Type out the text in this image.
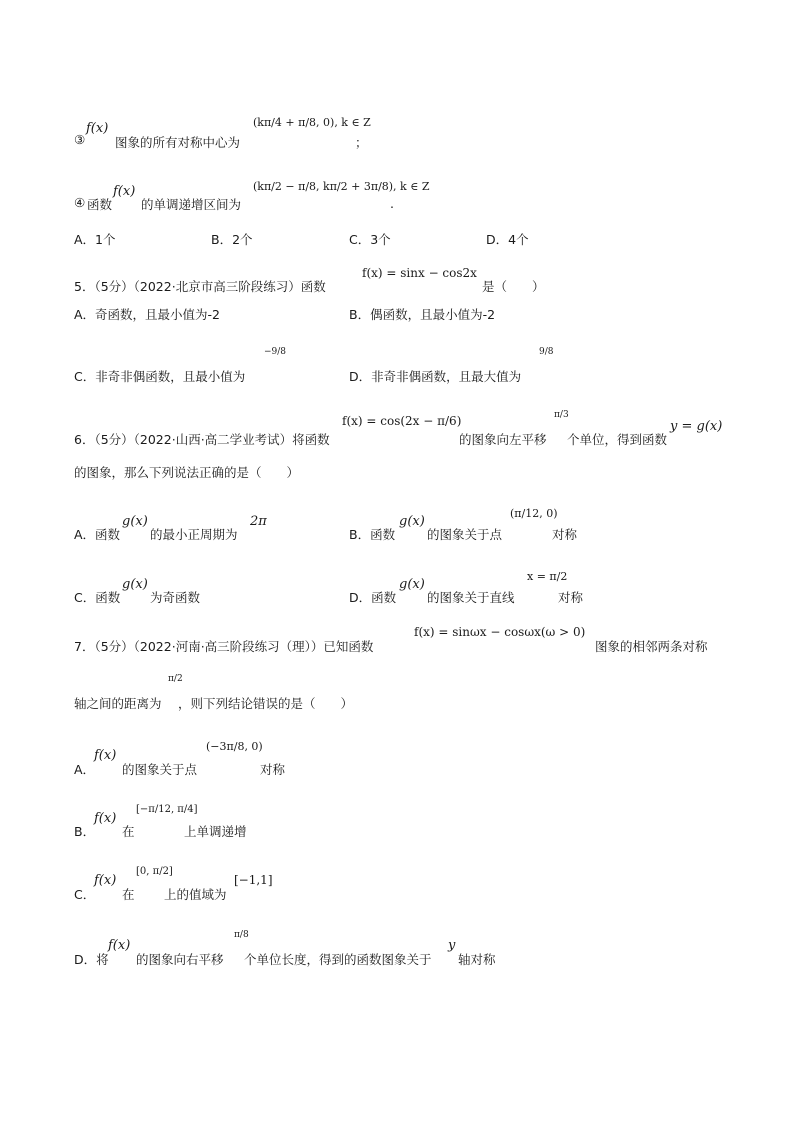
③
f(x)
图象的所有对称中心为
(kπ/4 + π/8, 0), k ∈ Z
；
④ 函数
f(x)
的单调递增区间为
(kπ/2 − π/8, kπ/2 + 3π/8), k ∈ Z
.
A．1个	B．2个	C．3个	D．4个
5．（5分）（2022·北京市高三阶段练习）函数
f(x) = sinx − cos2x
是（　　）
A．奇函数，且最小值为-2	B．偶函数，且最小值为-2
C．非奇非偶函数，且最小值为
−9/8
D．非奇非偶函数，且最大值为
9/8
6．（5分）（2022·山西·高二学业考试）将函数
f(x) = cos(2x − π/6)
的图象向左平移
π/3
个单位，得到函数
y = g(x)
的图象，那么下列说法正确的是（　　）
A．函数
g(x)
的最小正周期为
2π
B．函数
g(x)
的图象关于点
(π/12, 0)
对称
C．函数
g(x)
为奇函数	D．函数
g(x)
的图象关于直线
x = π/2
对称
7．（5分）（2022·河南·高三阶段练习（理））已知函数
f(x) = sinωx − cosωx(ω > 0)
图象的相邻两条对称
轴之间的距离为
π/2
，则下列结论错误的是（　　）
A．
f(x)
的图象关于点
(−3π/8, 0)
对称
B．
f(x)
在
[−π/12, π/4]
上单调递增
C．
f(x)
在
[0, π/2]
上的值域为
[−1,1]
D．将
f(x)
的图象向右平移
π/8
个单位长度，得到的函数图象关于
y
轴对称
